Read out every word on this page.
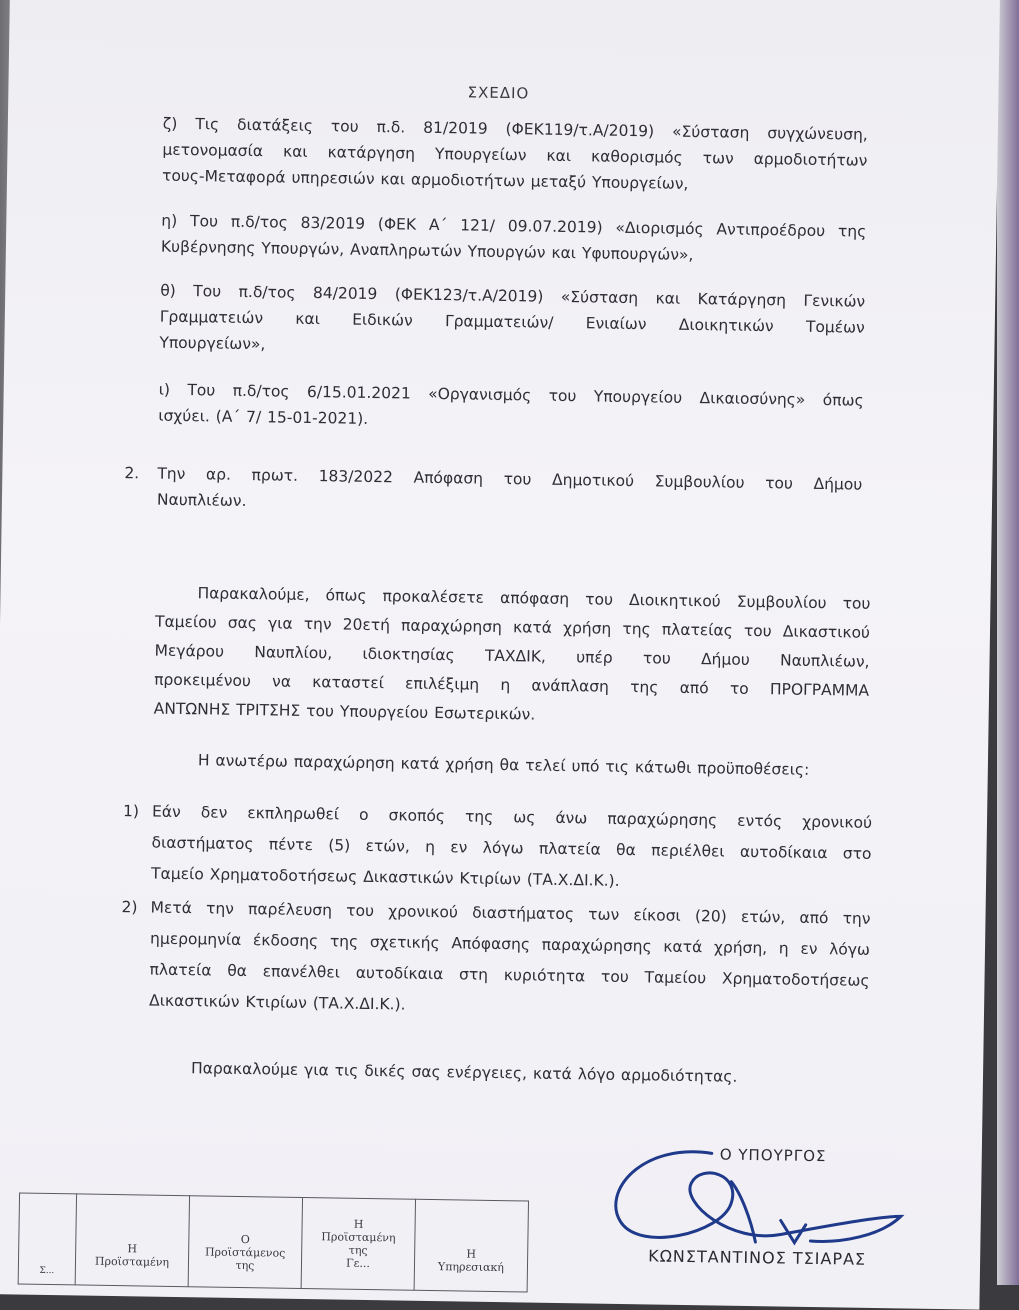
ΣΧΕΔΙΟ

ζ) Τις διατάξεις του π.δ. 81/2019 (ΦΕΚ119/τ.Α/2019) «Σύσταση συγχώνευση,

μετονομασία και κατάργηση Υπουργείων και καθορισμός των αρμοδιοτήτων

τους-Μεταφορά υπηρεσιών και αρμοδιοτήτων μεταξύ Υπουργείων,

η) Του π.δ/τος 83/2019 (ΦΕΚ Α΄ 121/ 09.07.2019) «Διορισμός Αντιπροέδρου της

Κυβέρνησης Υπουργών, Αναπληρωτών Υπουργών και Υφυπουργών»,

θ) Του π.δ/τος 84/2019 (ΦΕΚ123/τ.Α/2019) «Σύσταση και Κατάργηση Γενικών

Γραμματειών και Ειδικών Γραμματειών/ Ενιαίων Διοικητικών Τομέων

Υπουργείων»,

ι) Του π.δ/τος 6/15.01.2021 «Οργανισμός του Υπουργείου Δικαιοσύνης» όπως

ισχύει. (Α΄ 7/ 15-01-2021).

2. Την αρ. πρωτ. 183/2022 Απόφαση του Δημοτικού Συμβουλίου του Δήμου

Ναυπλιέων.

Παρακαλούμε, όπως προκαλέσετε απόφαση του Διοικητικού Συμβουλίου του

Ταμείου σας για την 20ετή παραχώρηση κατά χρήση της πλατείας του Δικαστικού

Μεγάρου Ναυπλίου, ιδιοκτησίας ΤΑΧΔΙΚ, υπέρ του Δήμου Ναυπλιέων,

προκειμένου να καταστεί επιλέξιμη η ανάπλαση της από το ΠΡΟΓΡΑΜΜΑ

ΑΝΤΩΝΗΣ ΤΡΙΤΣΗΣ του Υπουργείου Εσωτερικών.

Η ανωτέρω παραχώρηση κατά χρήση θα τελεί υπό τις κάτωθι προϋποθέσεις:
1) Εάν δεν εκπληρωθεί ο σκοπός της ως άνω παραχώρησης εντός χρονικού

διαστήματος πέντε (5) ετών, η εν λόγω πλατεία θα περιέλθει αυτοδίκαια στο

Ταμείο Χρηματοδοτήσεως Δικαστικών Κτιρίων (ΤΑ.Χ.ΔΙ.Κ.).

2) Μετά την παρέλευση του χρονικού διαστήματος των είκοσι (20) ετών, από την

ημερομηνία έκδοσης της σχετικής Απόφασης παραχώρησης κατά χρήση, η εν λόγω

πλατεία θα επανέλθει αυτοδίκαια στη κυριότητα του Ταμείου Χρηματοδοτήσεως

Δικαστικών Κτιρίων (ΤΑ.Χ.ΔΙ.Κ.).

Παρακαλούμε για τις δικές σας ενέργειες, κατά λόγο αρμοδιότητας.
Ο ΥΠΟΥΡΓΟΣ
ΚΩΝΣΤΑΝΤΙΝΟΣ ΤΣΙΑΡΑΣ
Σ...

Η
Προϊσταμένη

Ο
Προϊστάμενος
της

Η
Προϊσταμένη
της
Γε...

Η
Υπηρεσιακή
